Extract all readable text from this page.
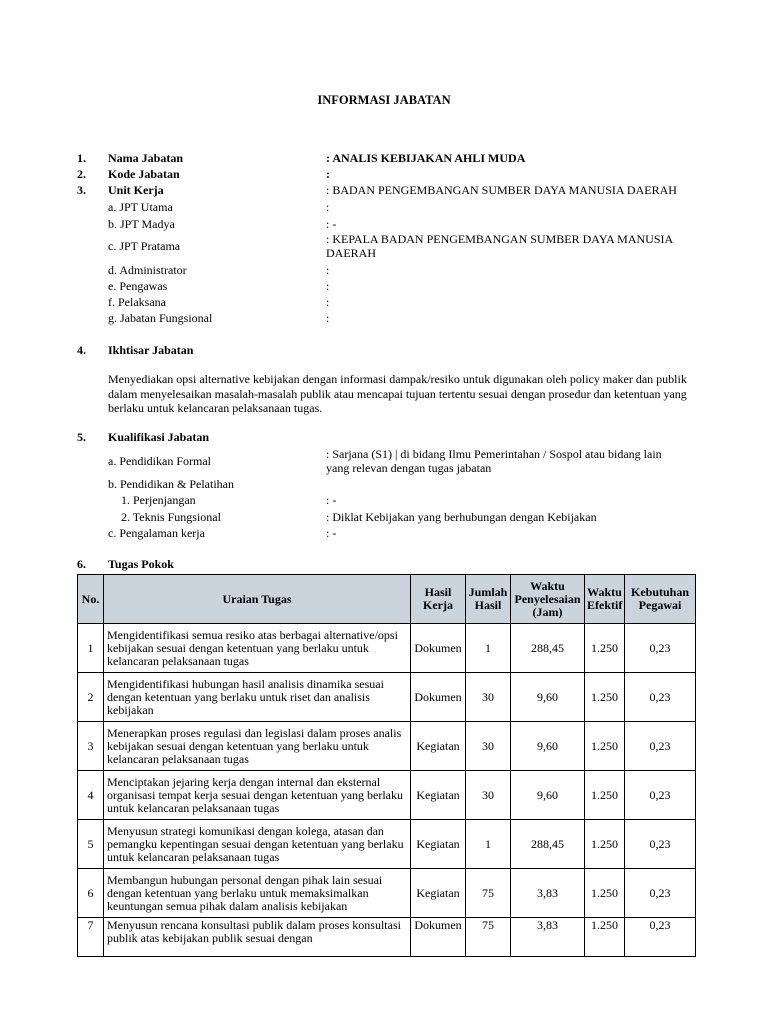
INFORMASI JABATAN
1.	Nama Jabatan	: ANALIS KEBIJAKAN AHLI MUDA
2.	Kode Jabatan	:
3.	Unit Kerja	: BADAN PENGEMBANGAN SUMBER DAYA MANUSIA DAERAH
a. JPT Utama	:
b. JPT Madya	: -
c. JPT Pratama	: KEPALA BADAN PENGEMBANGAN SUMBER DAYA MANUSIA DAERAH
d. Administrator	:
e. Pengawas	:
f. Pelaksana	:
g. Jabatan Fungsional	:
4.	Ikhtisar Jabatan
Menyediakan opsi alternative kebijakan dengan informasi dampak/resiko untuk digunakan oleh policy maker dan publik dalam menyelesaikan masalah-masalah publik atau mencapai tujuan tertentu sesuai dengan prosedur dan ketentuan yang berlaku untuk kelancaran pelaksanaan tugas.
5.	Kualifikasi Jabatan
a. Pendidikan Formal	: Sarjana (S1) | di bidang Ilmu Pemerintahan / Sospol atau bidang lain yang relevan dengan tugas jabatan
b. Pendidikan & Pelatihan
1. Perjenjangan	: -
2. Teknis Fungsional	: Diklat Kebijakan yang berhubungan dengan Kebijakan
c. Pengalaman kerja	: -
6.	Tugas Pokok
No.	Uraian Tugas	Hasil Kerja	Jumlah Hasil	Waktu Penyelesaian (Jam)	Waktu Efektif	Kebutuhan Pegawai
1	Mengidentifikasi semua resiko atas berbagai alternative/opsi kebijakan sesuai dengan ketentuan yang berlaku untuk kelancaran pelaksanaan tugas	Dokumen	1	288,45	1.250	0,23
2	Mengidentifikasi hubungan hasil analisis dinamika sesuai dengan ketentuan yang berlaku untuk riset dan analisis kebijakan	Dokumen	30	9,60	1.250	0,23
3	Menerapkan proses regulasi dan legislasi dalam proses analis kebijakan sesuai dengan ketentuan yang berlaku untuk kelancaran pelaksanaan tugas	Kegiatan	30	9,60	1.250	0,23
4	Menciptakan jejaring kerja dengan internal dan eksternal organisasi tempat kerja sesuai dengan ketentuan yang berlaku untuk kelancaran pelaksanaan tugas	Kegiatan	30	9,60	1.250	0,23
5	Menyusun strategi komunikasi dengan kolega, atasan dan pemangku kepentingan sesuai dengan ketentuan yang berlaku untuk kelancaran pelaksanaan tugas	Kegiatan	1	288,45	1.250	0,23
6	Membangun hubungan personal dengan pihak lain sesuai dengan ketentuan yang berlaku untuk memaksimalkan keuntungan semua pihak dalam analisis kebijakan	Kegiatan	75	3,83	1.250	0,23
7	Menyusun rencana konsultasi publik dalam proses konsultasi publik atas kebijakan publik sesuai dengan	Dokumen	75	3,83	1.250	0,23
